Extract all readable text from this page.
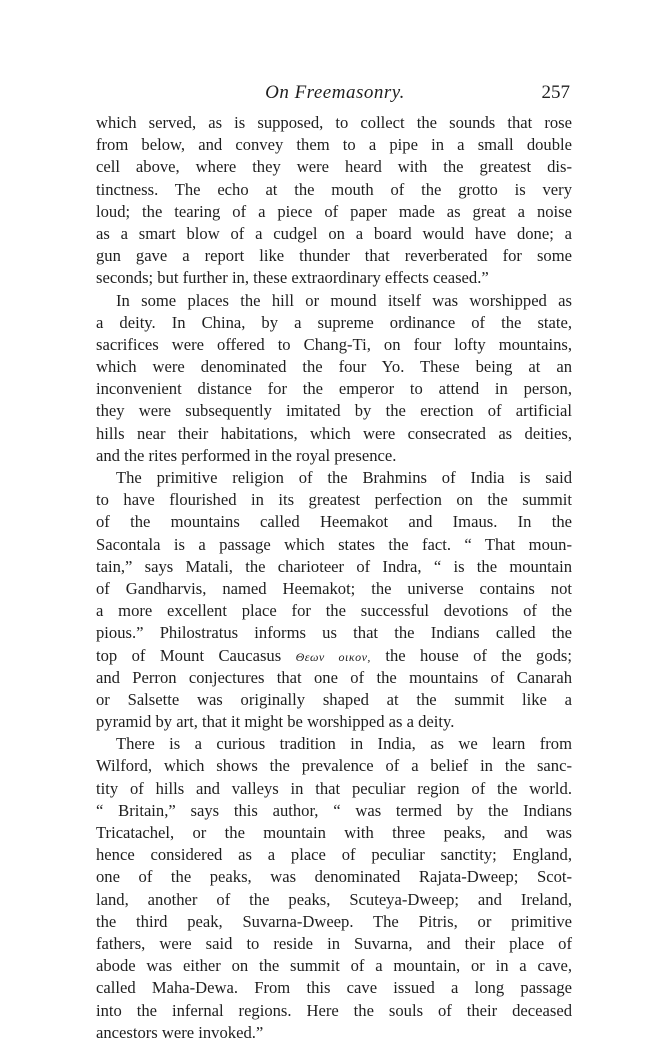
On Freemasonry.	257
which served, as is supposed, to collect the sounds that rose
from below, and convey them to a pipe in a small double
cell above, where they were heard with the greatest dis-
tinctness. The echo at the mouth of the grotto is very
loud; the tearing of a piece of paper made as great a noise
as a smart blow of a cudgel on a board would have done; a
gun gave a report like thunder that reverberated for some
seconds; but further in, these extraordinary effects ceased.”
In some places the hill or mound itself was worshipped as
a deity. In China, by a supreme ordinance of the state,
sacrifices were offered to Chang-Ti, on four lofty mountains,
which were denominated the four Yo. These being at an
inconvenient distance for the emperor to attend in person,
they were subsequently imitated by the erection of artificial
hills near their habitations, which were consecrated as deities,
and the rites performed in the royal presence.
The primitive religion of the Brahmins of India is said
to have flourished in its greatest perfection on the summit
of the mountains called Heemakot and Imaus. In the
Sacontala is a passage which states the fact. “ That moun-
tain,” says Matali, the charioteer of Indra, “ is the mountain
of Gandharvis, named Heemakot; the universe contains not
a more excellent place for the successful devotions of the
pious.” Philostratus informs us that the Indians called the
top of Mount Caucasus Θεων οικον, the house of the gods;
and Perron conjectures that one of the mountains of Canarah
or Salsette was originally shaped at the summit like a
pyramid by art, that it might be worshipped as a deity.
There is a curious tradition in India, as we learn from
Wilford, which shows the prevalence of a belief in the sanc-
tity of hills and valleys in that peculiar region of the world.
“ Britain,” says this author, “ was termed by the Indians
Tricatachel, or the mountain with three peaks, and was
hence considered as a place of peculiar sanctity; England,
one of the peaks, was denominated Rajata-Dweep; Scot-
land, another of the peaks, Scuteya-Dweep; and Ireland,
the third peak, Suvarna-Dweep. The Pitris, or primitive
fathers, were said to reside in Suvarna, and their place of
abode was either on the summit of a mountain, or in a cave,
called Maha-Dewa. From this cave issued a long passage
into the infernal regions. Here the souls of their deceased
ancestors were invoked.”
